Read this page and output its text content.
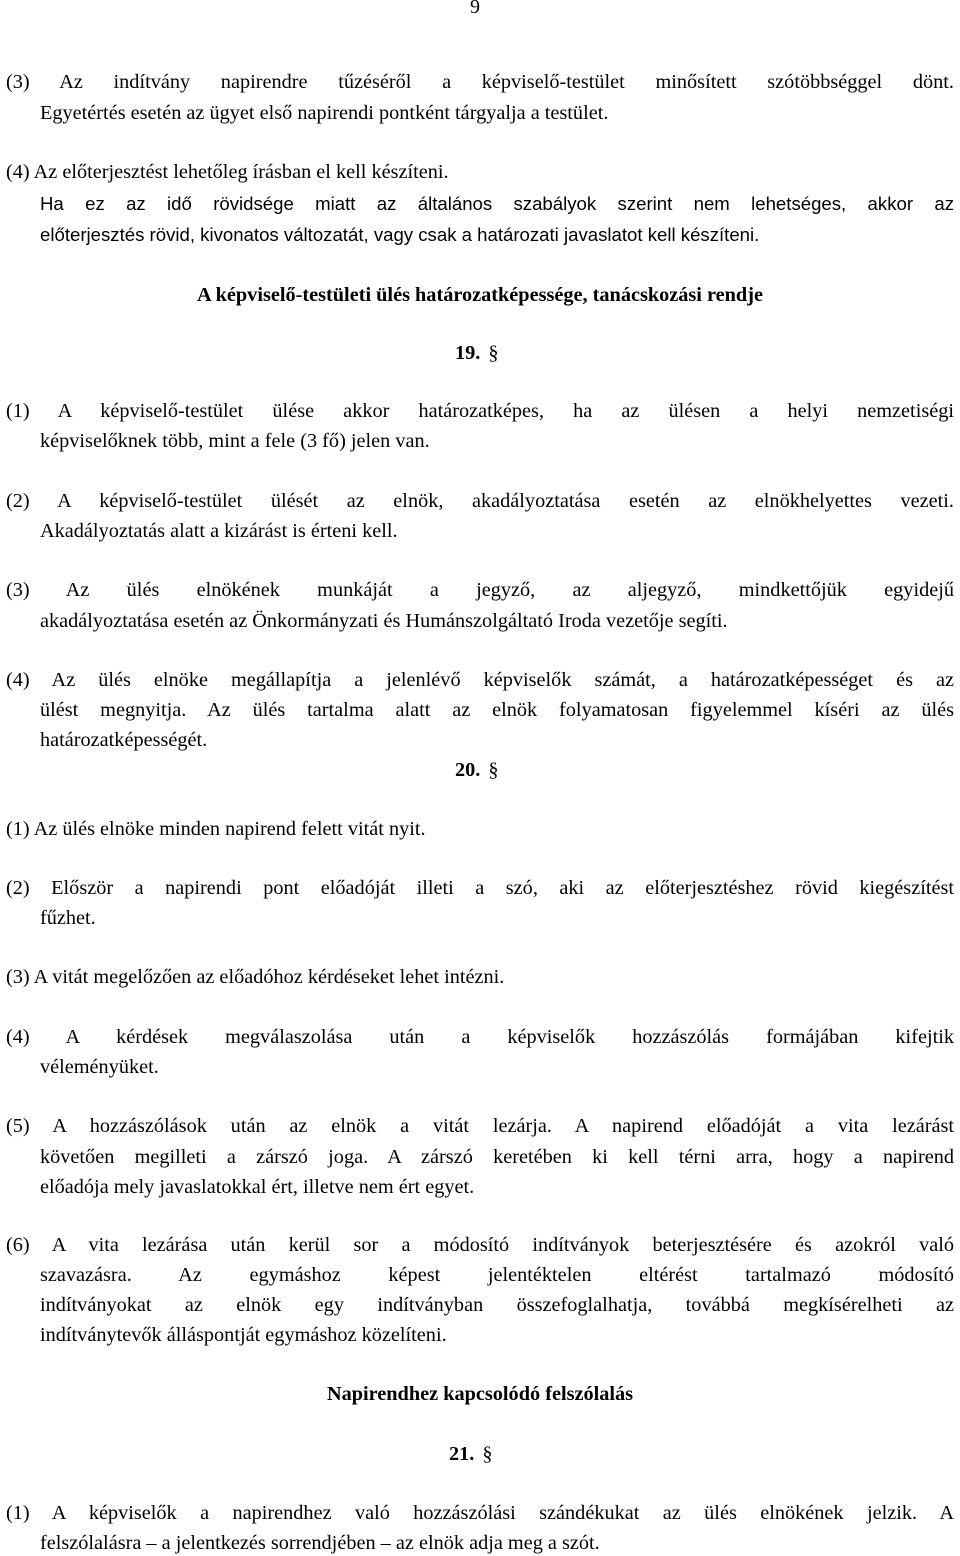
9
(3) Az indítvány napirendre tűzéséről a képviselő-testület minősített szótöbbséggel dönt.
Egyetértés esetén az ügyet első napirendi pontként tárgyalja a testület.
(4) Az előterjesztést lehetőleg írásban el kell készíteni.
Ha ez az idő rövidsége miatt az általános szabályok szerint nem lehetséges, akkor az
előterjesztés rövid, kivonatos változatát, vagy csak a határozati javaslatot kell készíteni.
A képviselő-testületi ülés határozatképessége, tanácskozási rendje
19. §
(1) A képviselő-testület ülése akkor határozatképes, ha az ülésen a helyi nemzetiségi
képviselőknek több, mint a fele (3 fő) jelen van.
(2) A képviselő-testület ülését az elnök, akadályoztatása esetén az elnökhelyettes vezeti.
Akadályoztatás alatt a kizárást is érteni kell.
(3) Az ülés elnökének munkáját a jegyző, az aljegyző, mindkettőjük egyidejű
akadályoztatása esetén az Önkormányzati és Humánszolgáltató Iroda vezetője segíti.
(4) Az ülés elnöke megállapítja a jelenlévő képviselők számát, a határozatképességet és az
ülést megnyitja. Az ülés tartalma alatt az elnök folyamatosan figyelemmel kíséri az ülés
határozatképességét.
20. §
(1) Az ülés elnöke minden napirend felett vitát nyit.
(2) Először a napirendi pont előadóját illeti a szó, aki az előterjesztéshez rövid kiegészítést
fűzhet.
(3) A vitát megelőzően az előadóhoz kérdéseket lehet intézni.
(4) A kérdések megválaszolása után a képviselők hozzászólás formájában kifejtik
véleményüket.
(5) A hozzászólások után az elnök a vitát lezárja. A napirend előadóját a vita lezárást
követően megilleti a zárszó joga. A zárszó keretében ki kell térni arra, hogy a napirend
előadója mely javaslatokkal ért, illetve nem ért egyet.
(6) A vita lezárása után kerül sor a módosító indítványok beterjesztésére és azokról való
szavazásra. Az egymáshoz képest jelentéktelen eltérést tartalmazó módosító
indítványokat az elnök egy indítványban összefoglalhatja, továbbá megkísérelheti az
indítványtevők álláspontját egymáshoz közelíteni.
Napirendhez kapcsolódó felszólalás
21. §
(1) A képviselők a napirendhez való hozzászólási szándékukat az ülés elnökének jelzik. A
felszólalásra – a jelentkezés sorrendjében – az elnök adja meg a szót.
